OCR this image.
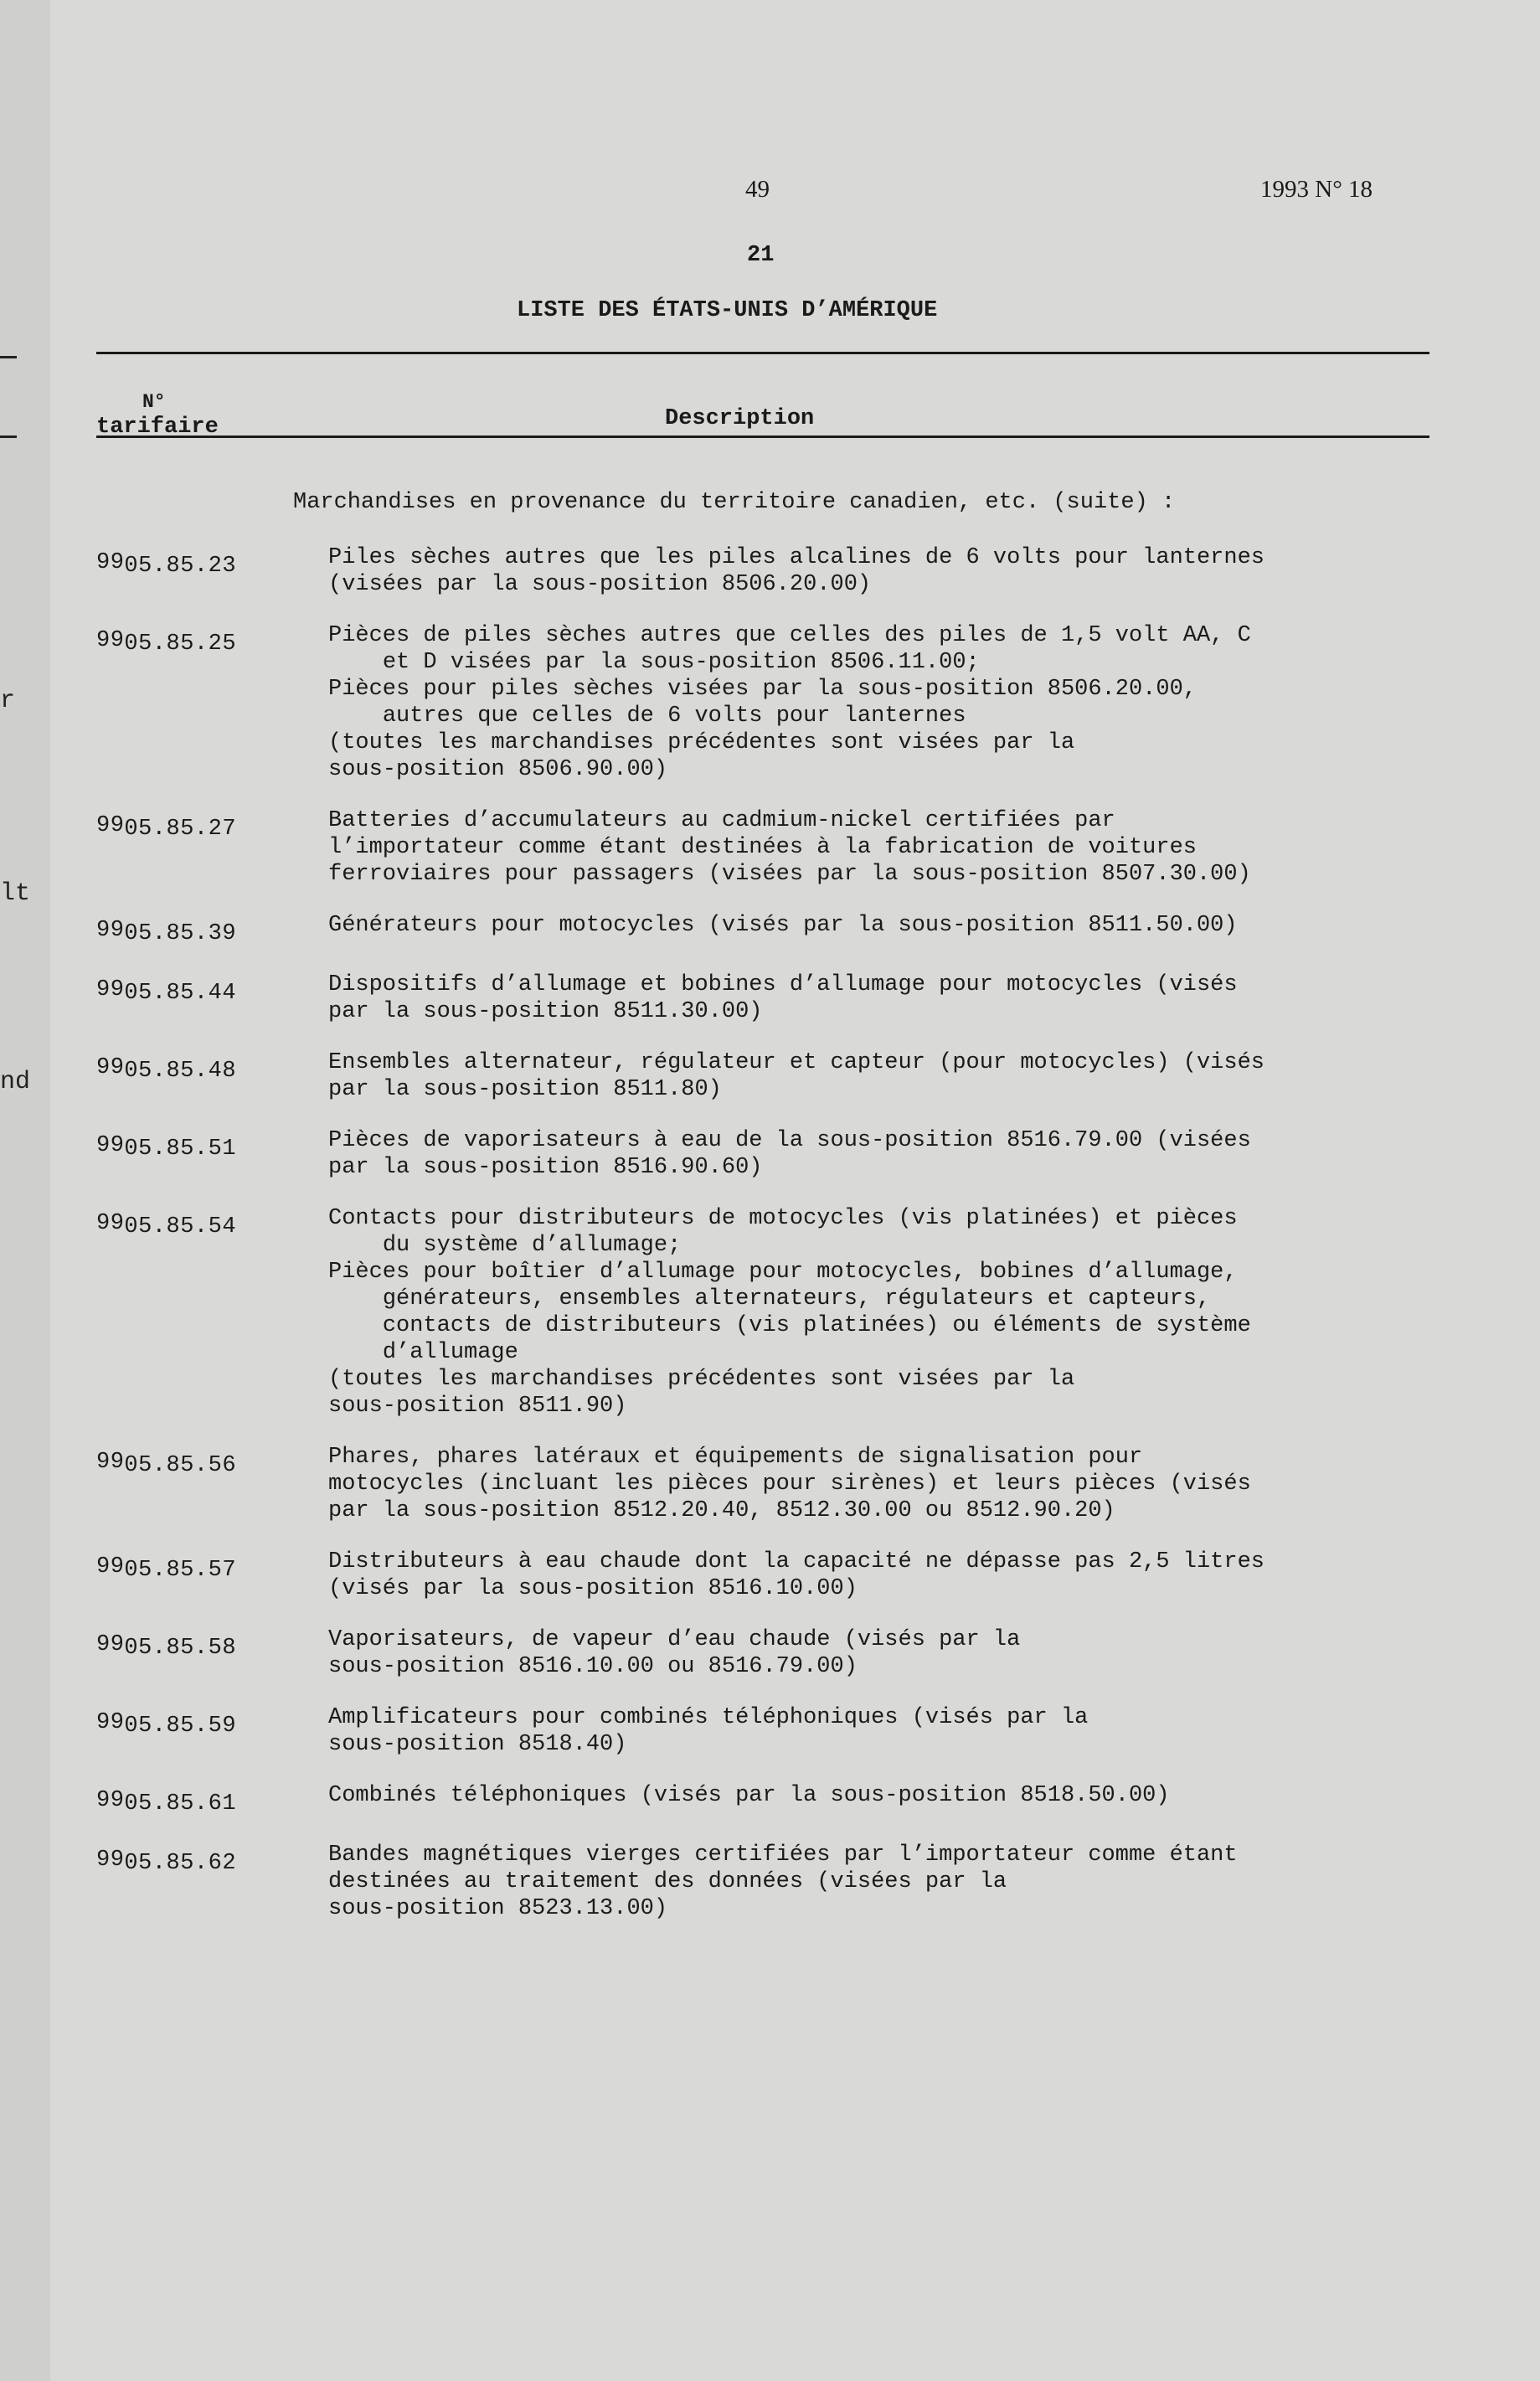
r
lt
nd
49	1993 N° 18
21
LISTE DES ÉTATS-UNIS D’AMÉRIQUE
N°
tarifaire	Description
Marchandises en provenance du territoire canadien, etc. (suite) :
9905.85.23	Piles sèches autres que les piles alcalines de 6 volts pour lanternes
(visées par la sous-position 8506.20.00)

9905.85.25	Pièces de piles sèches autres que celles des piles de 1,5 volt AA, C
et D visées par la sous-position 8506.11.00;

Pièces pour piles sèches visées par la sous-position 8506.20.00,
autres que celles de 6 volts pour lanternes

(toutes les marchandises précédentes sont visées par la
sous-position 8506.90.00)

9905.85.27	Batteries d’accumulateurs au cadmium-nickel certifiées par
l’importateur comme étant destinées à la fabrication de voitures
ferroviaires pour passagers (visées par la sous-position 8507.30.00)

9905.85.39	Générateurs pour motocycles (visés par la sous-position 8511.50.00)

9905.85.44	Dispositifs d’allumage et bobines d’allumage pour motocycles (visés
par la sous-position 8511.30.00)

9905.85.48	Ensembles alternateur, régulateur et capteur (pour motocycles) (visés
par la sous-position 8511.80)

9905.85.51	Pièces de vaporisateurs à eau de la sous-position 8516.79.00 (visées
par la sous-position 8516.90.60)

9905.85.54	Contacts pour distributeurs de motocycles (vis platinées) et pièces
du système d’allumage;

Pièces pour boîtier d’allumage pour motocycles, bobines d’allumage,
générateurs, ensembles alternateurs, régulateurs et capteurs,
contacts de distributeurs (vis platinées) ou éléments de système
d’allumage

(toutes les marchandises précédentes sont visées par la
sous-position 8511.90)

9905.85.56	Phares, phares latéraux et équipements de signalisation pour
motocycles (incluant les pièces pour sirènes) et leurs pièces (visés
par la sous-position 8512.20.40, 8512.30.00 ou 8512.90.20)

9905.85.57	Distributeurs à eau chaude dont la capacité ne dépasse pas 2,5 litres
(visés par la sous-position 8516.10.00)

9905.85.58	Vaporisateurs, de vapeur d’eau chaude (visés par la
sous-position 8516.10.00 ou 8516.79.00)

9905.85.59	Amplificateurs pour combinés téléphoniques (visés par la
sous-position 8518.40)

9905.85.61	Combinés téléphoniques (visés par la sous-position 8518.50.00)

9905.85.62	Bandes magnétiques vierges certifiées par l’importateur comme étant
destinées au traitement des données (visées par la
sous-position 8523.13.00)
